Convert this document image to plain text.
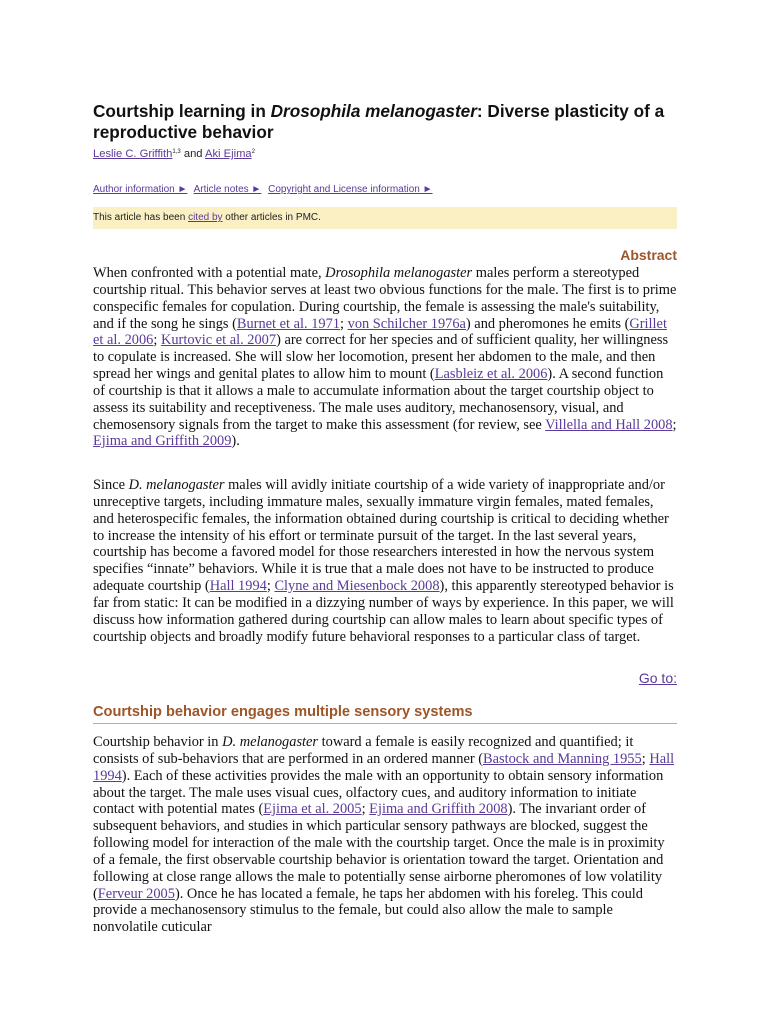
Courtship learning in Drosophila melanogaster: Diverse plasticity of a reproductive behavior
Leslie C. Griffith$^{1,3}$ and Aki Ejima$^2$
Author information ► Article notes ► Copyright and License information ►
This article has been cited by other articles in PMC.
Abstract

When confronted with a potential mate, Drosophila melanogaster males perform a stereotyped courtship ritual. This behavior serves at least two obvious functions for the male. The first is to prime conspecific females for copulation. During courtship, the female is assessing the male's suitability, and if the song he sings (Burnet et al. 1971; von Schilcher 1976a) and pheromones he emits (Grillet et al. 2006; Kurtovic et al. 2007) are correct for her species and of sufficient quality, her willingness to copulate is increased. She will slow her locomotion, present her abdomen to the male, and then spread her wings and genital plates to allow him to mount (Lasbleiz et al. 2006). A second function of courtship is that it allows a male to accumulate information about the target courtship object to assess its suitability and receptiveness. The male uses auditory, mechanosensory, visual, and chemosensory signals from the target to make this assessment (for review, see Villella and Hall 2008; Ejima and Griffith 2009).

Since D. melanogaster males will avidly initiate courtship of a wide variety of inappropriate and/or unreceptive targets, including immature males, sexually immature virgin females, mated females, and heterospecific females, the information obtained during courtship is critical to deciding whether to increase the intensity of his effort or terminate pursuit of the target. In the last several years, courtship has become a favored model for those researchers interested in how the nervous system specifies “innate” behaviors. While it is true that a male does not have to be instructed to produce adequate courtship (Hall 1994; Clyne and Miesenbock 2008), this apparently stereotyped behavior is far from static: It can be modified in a dizzying number of ways by experience. In this paper, we will discuss how information gathered during courtship can allow males to learn about specific types of courtship objects and broadly modify future behavioral responses to a particular class of target.

Go to:
Courtship behavior engages multiple sensory systems

Courtship behavior in D. melanogaster toward a female is easily recognized and quantified; it consists of sub-behaviors that are performed in an ordered manner (Bastock and Manning 1955; Hall 1994). Each of these activities provides the male with an opportunity to obtain sensory information about the target. The male uses visual cues, olfactory cues, and auditory information to initiate contact with potential mates (Ejima et al. 2005; Ejima and Griffith 2008). The invariant order of subsequent behaviors, and studies in which particular sensory pathways are blocked, suggest the following model for interaction of the male with the courtship target. Once the male is in proximity of a female, the first observable courtship behavior is orientation toward the target. Orientation and following at close range allows the male to potentially sense airborne pheromones of low volatility (Ferveur 2005). Once he has located a female, he taps her abdomen with his foreleg. This could provide a mechanosensory stimulus to the female, but could also allow the male to sample nonvolatile cuticular
